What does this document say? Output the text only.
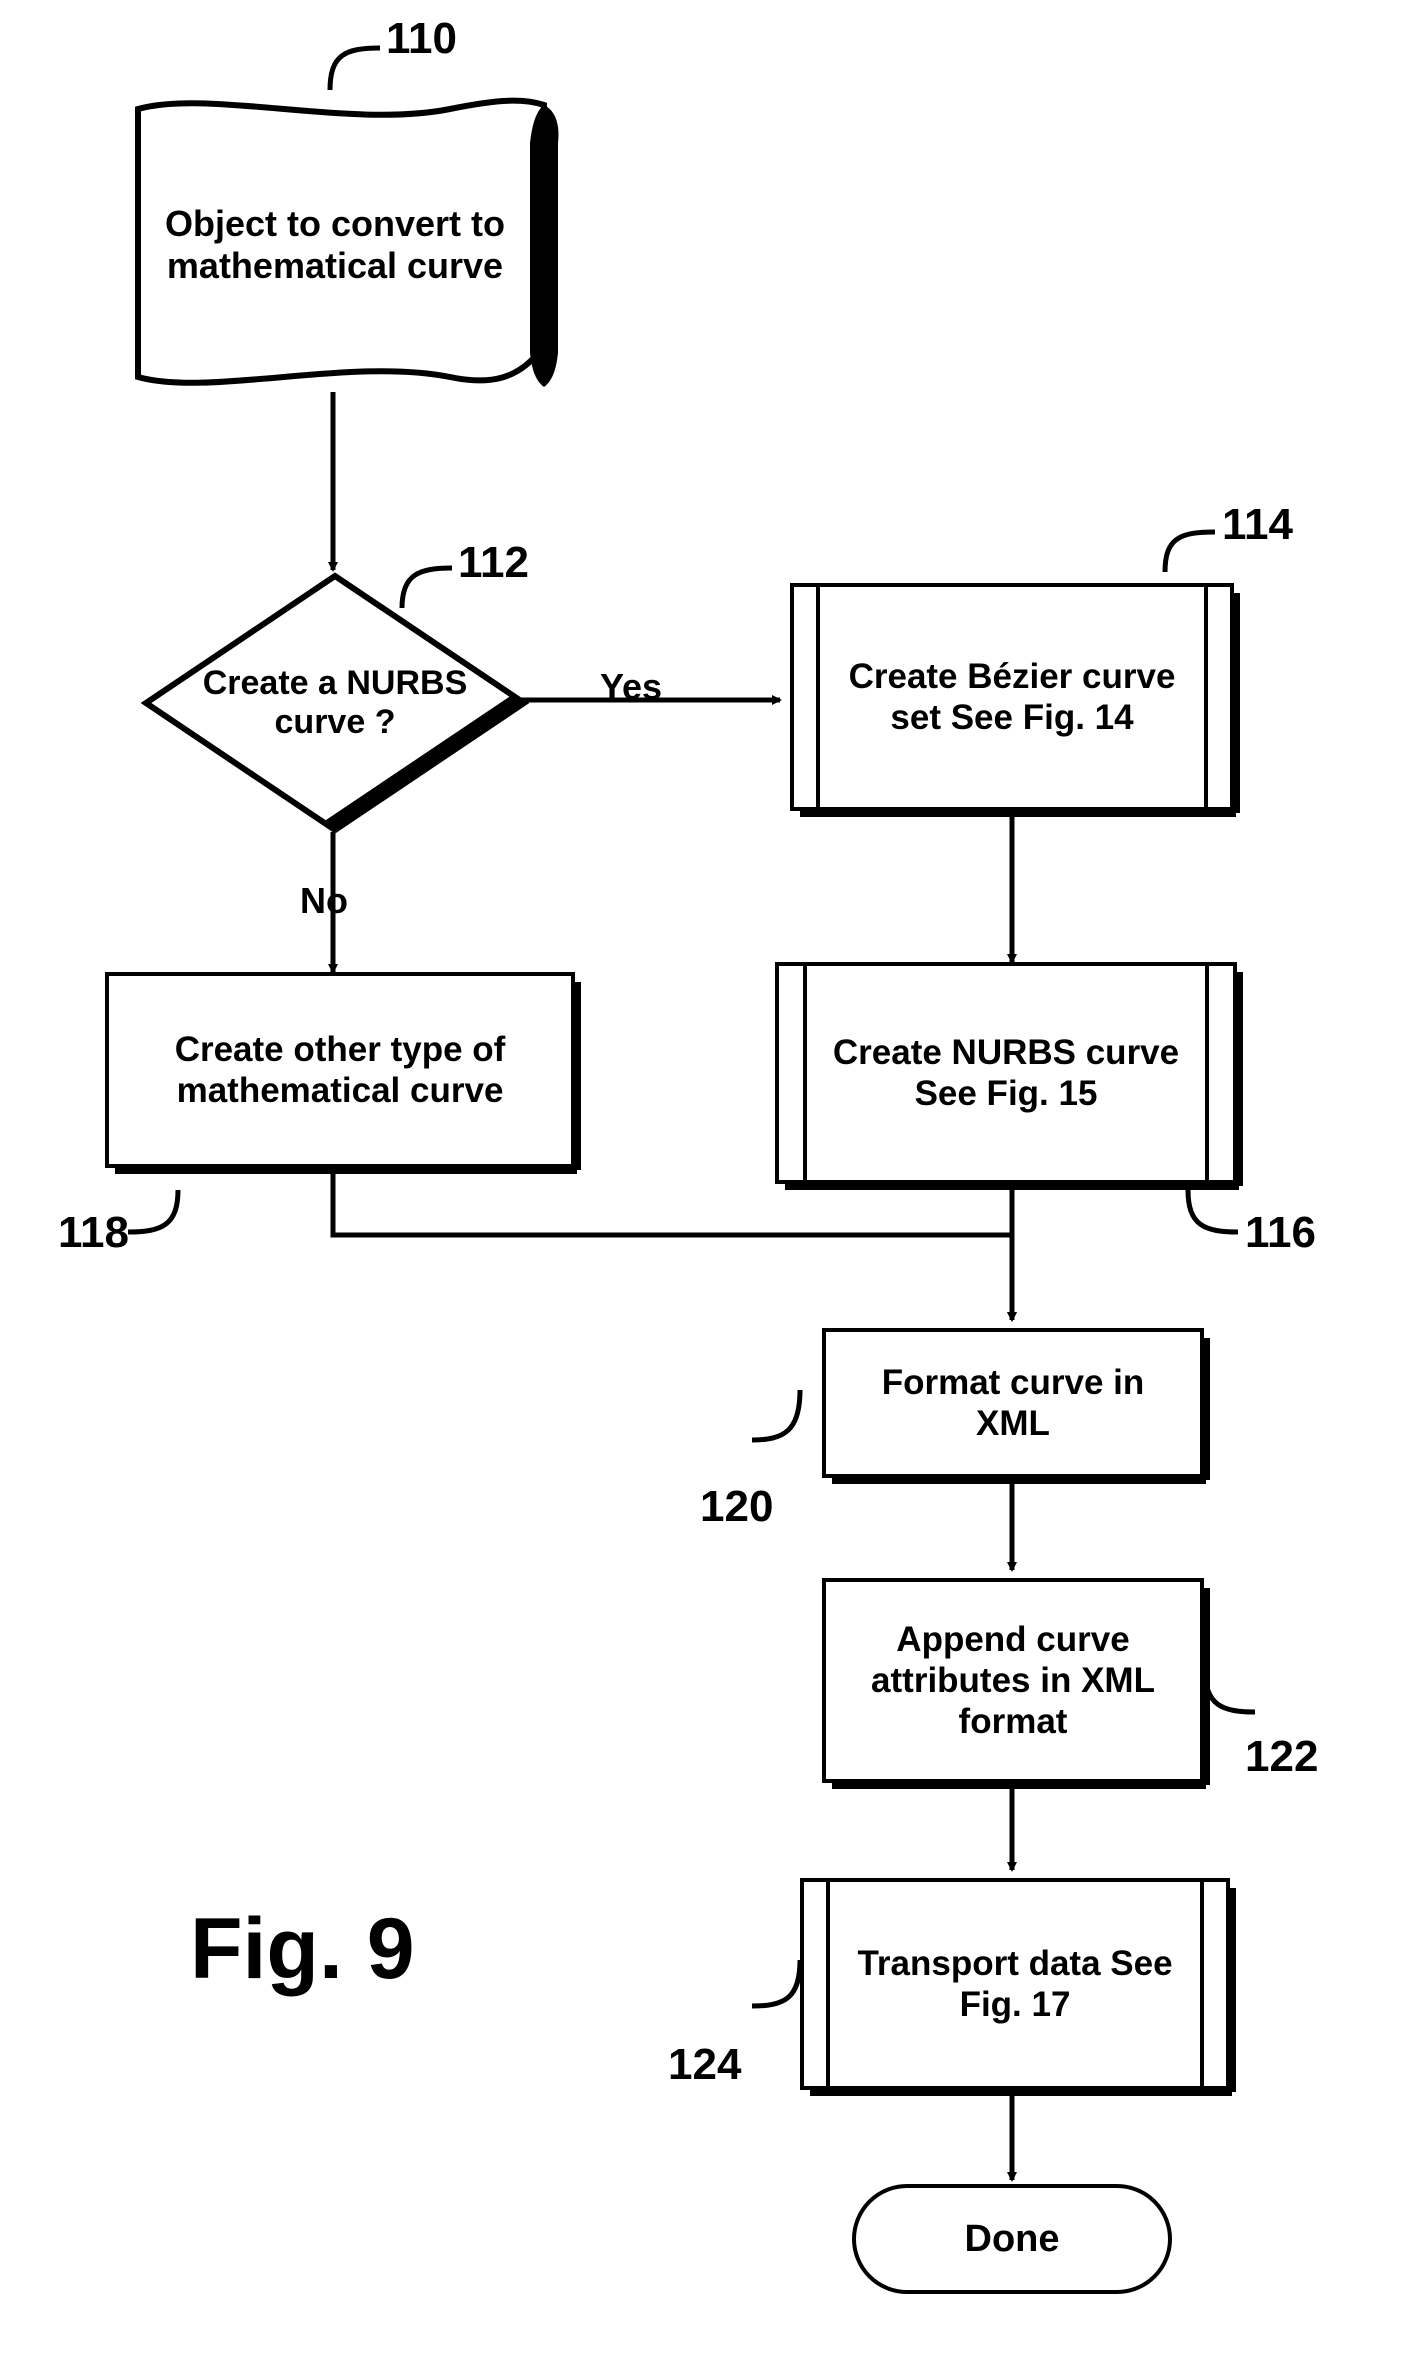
Object to convert to mathematical curve
110
Create a NURBS curve ?
112
Yes
No
Create Bézier curve set See Fig. 14
114
Create NURBS curve See Fig. 15
116
Create other type of mathematical curve
118
Format curve in XML
120
Append curve attributes in XML format
122
Transport data See Fig. 17
124
Done
Fig. 9
